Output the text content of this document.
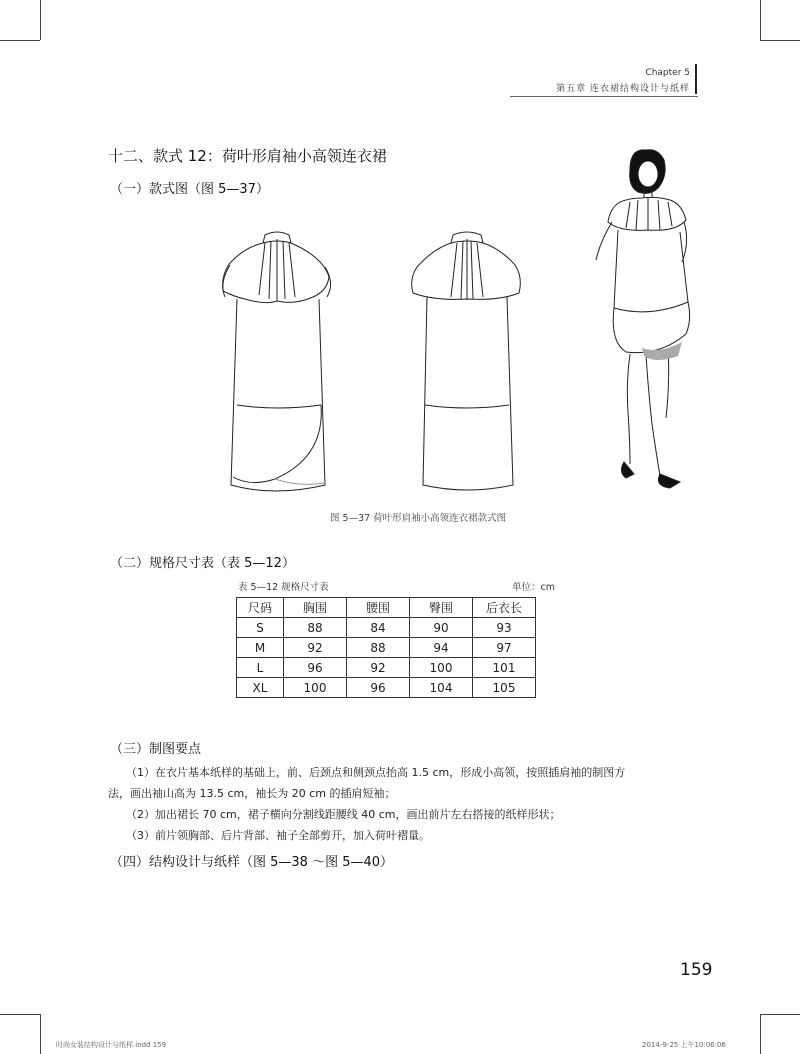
Chapter 5
第五章 连衣裙结构设计与纸样
十二、款式 12：荷叶形肩袖小高领连衣裙
（一）款式图（图 5—37）
图 5—37 荷叶形肩袖小高领连衣裙款式图
（二）规格尺寸表（表 5—12）
表 5—12 规格尺寸表	单位：cm
尺码	胸围	腰围	臀围	后衣长
S	88	84	90	93
M	92	88	94	97
L	96	92	100	101
XL	100	96	104	105
（三）制图要点
（1）在衣片基本纸样的基础上，前、后颈点和侧颈点抬高 1.5 cm，形成小高领，按照插肩袖的制图方
法，画出袖山高为 13.5 cm，袖长为 20 cm 的插肩短袖；
（2）加出裙长 70 cm，裙子横向分割线距腰线 40 cm，画出前片左右搭接的纸样形状；
（3）前片领胸部、后片背部、袖子全部剪开，加入荷叶褶量。
（四）结构设计与纸样（图 5—38 ～图 5—40）
159
时尚女装结构设计与纸样.indd 159	2014-9-25 上午10:06:06
